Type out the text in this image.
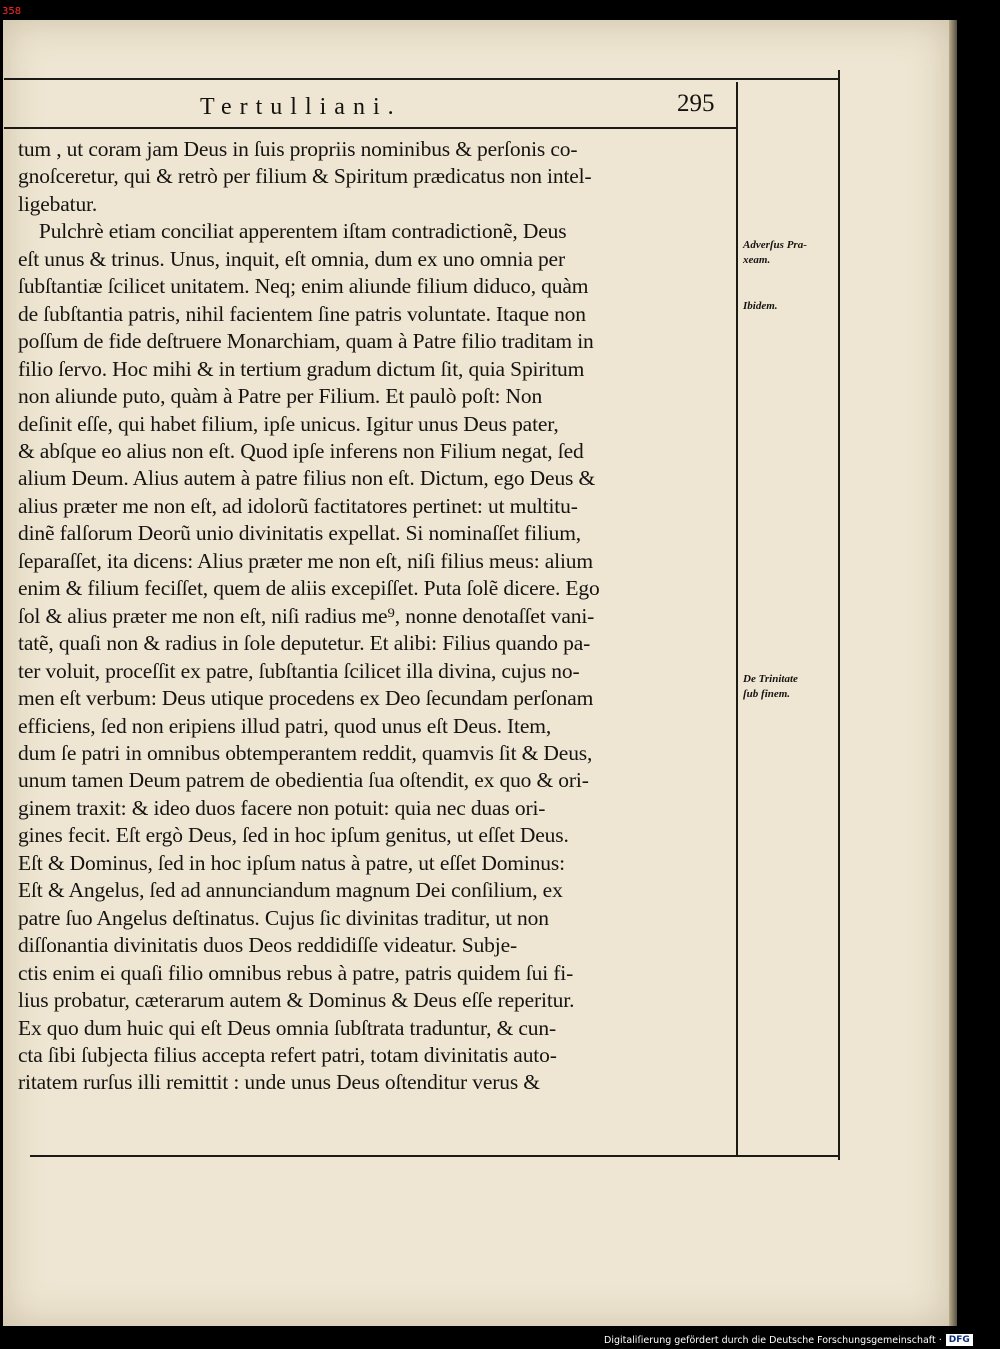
358
Tertulliani.	295
tum , ut coram jam Deus in ſuis propriis nominibus & perſonis co-
gnoſceretur, qui & retrò per filium & Spiritum prædicatus non intel-
ligebatur.
Pulchrè etiam conciliat apperentem iſtam contradictionẽ, Deus
eſt unus & trinus. Unus, inquit, eſt omnia, dum ex uno omnia per
ſubſtantiæ ſcilicet unitatem. Neq; enim aliunde filium diduco, quàm
de ſubſtantia patris, nihil facientem ſine patris voluntate. Itaque non
poſſum de fide deſtruere Monarchiam, quam à Patre filio traditam in
filio ſervo. Hoc mihi & in tertium gradum dictum ſit, quia Spiritum
non aliunde puto, quàm à Patre per Filium. Et paulò poſt: Non
deſinit eſſe, qui habet filium, ipſe unicus. Igitur unus Deus pater,
& abſque eo alius non eſt. Quod ipſe inferens non Filium negat, ſed
alium Deum. Alius autem à patre filius non eſt. Dictum, ego Deus &
alius præter me non eſt, ad idolorũ factitatores pertinet: ut multitu-
dinẽ falſorum Deorũ unio divinitatis expellat. Si nominaſſet filium,
ſeparaſſet, ita dicens: Alius præter me non eſt, niſi filius meus: alium
enim & filium feciſſet, quem de aliis excepiſſet. Puta ſolẽ dicere. Ego
ſol & alius præter me non eſt, niſi radius me⁹, nonne denotaſſet vani-
tatẽ, quaſi non & radius in ſole deputetur. Et alibi: Filius quando pa-
ter voluit, proceſſit ex patre, ſubſtantia ſcilicet illa divina, cujus no-
men eſt verbum: Deus utique procedens ex Deo ſecundam perſonam
efficiens, ſed non eripiens illud patri, quod unus eſt Deus. Item,
dum ſe patri in omnibus obtemperantem reddit, quamvis ſit & Deus,
unum tamen Deum patrem de obedientia ſua oſtendit, ex quo & ori-
ginem traxit: & ideo duos facere non potuit: quia nec duas ori-
gines fecit. Eſt ergò Deus, ſed in hoc ipſum genitus, ut eſſet Deus.
Eſt & Dominus, ſed in hoc ipſum natus à patre, ut eſſet Dominus:
Eſt & Angelus, ſed ad annunciandum magnum Dei conſilium, ex
patre ſuo Angelus deſtinatus. Cujus ſic divinitas traditur, ut non
diſſonantia divinitatis duos Deos reddidiſſe videatur. Subje-
ctis enim ei quaſi filio omnibus rebus à patre, patris quidem ſui fi-
lius probatur, cæterarum autem & Dominus & Deus eſſe reperitur.
Ex quo dum huic qui eſt Deus omnia ſubſtrata traduntur, & cun-
cta ſibi ſubjecta filius accepta refert patri, totam divinitatis auto-
ritatem rurſus illi remittit : unde unus Deus oſtenditur verus &
Adverſus Pra-
xeam.
Ibidem.
De Trinitate
ſub finem.
Digitaliſierung gefördert durch die Deutsche Forschungsgemeinschaft · DFG
